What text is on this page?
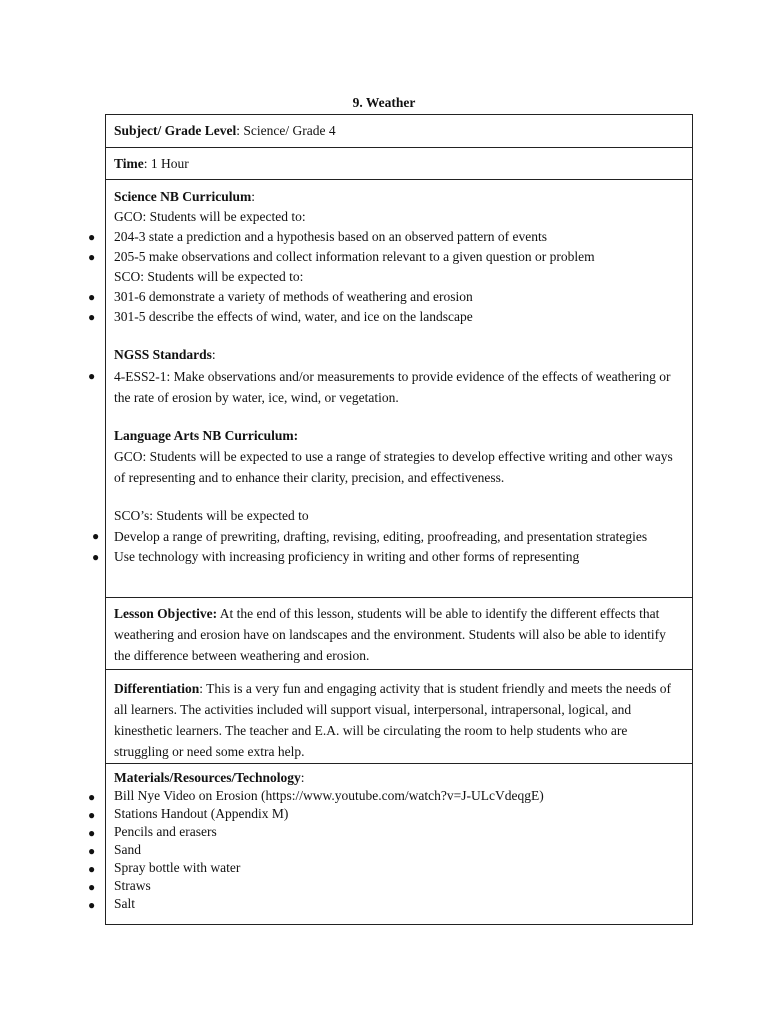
9. Weather
Subject/ Grade Level: Science/ Grade 4
Time: 1 Hour
Science NB Curriculum:
GCO: Students will be expected to:
● 204-3 state a prediction and a hypothesis based on an observed pattern of events
● 205-5 make observations and collect information relevant to a given question or problem
SCO: Students will be expected to:
● 301-6 demonstrate a variety of methods of weathering and erosion
● 301-5 describe the effects of wind, water, and ice on the landscape
NGSS Standards:
● 4-ESS2-1: Make observations and/or measurements to provide evidence of the effects of weathering or the rate of erosion by water, ice, wind, or vegetation.
Language Arts NB Curriculum:
GCO: Students will be expected to use a range of strategies to develop effective writing and other ways of representing and to enhance their clarity, precision, and effectiveness.
SCO’s: Students will be expected to
● Develop a range of prewriting, drafting, revising, editing, proofreading, and presentation strategies
● Use technology with increasing proficiency in writing and other forms of representing
Lesson Objective: At the end of this lesson, students will be able to identify the different effects that weathering and erosion have on landscapes and the environment. Students will also be able to identify the difference between weathering and erosion.
Differentiation: This is a very fun and engaging activity that is student friendly and meets the needs of all learners. The activities included will support visual, interpersonal, intrapersonal, logical, and kinesthetic learners. The teacher and E.A. will be circulating the room to help students who are struggling or need some extra help.
Materials/Resources/Technology:
● Bill Nye Video on Erosion (https://www.youtube.com/watch?v=J-ULcVdeqgE)
● Stations Handout (Appendix M)
● Pencils and erasers
● Sand
● Spray bottle with water
● Straws
● Salt
